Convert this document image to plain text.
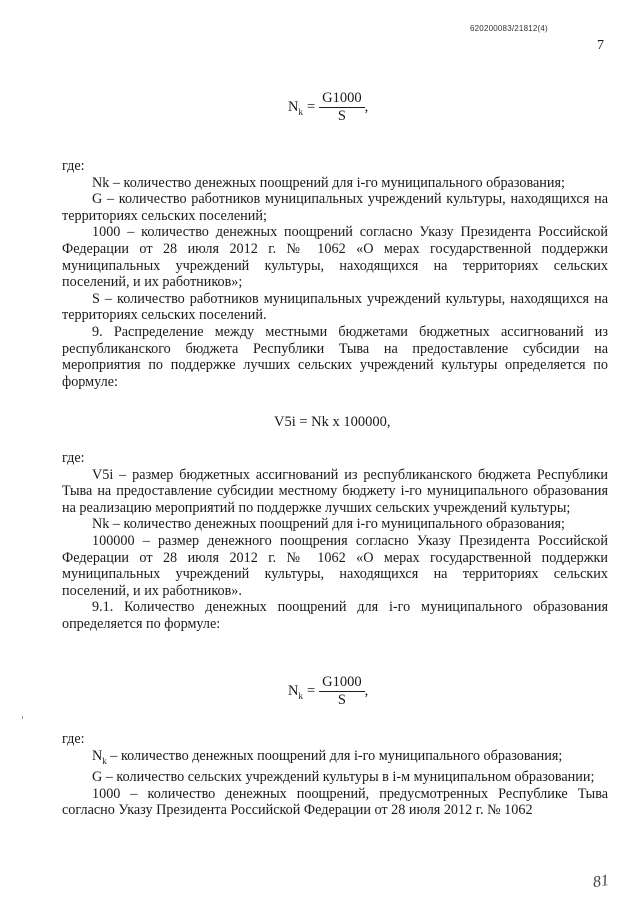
620200083/21812(4)
7
$N_k = \frac{G1000}{S}$ ,

где:

Nk – количество денежных поощрений для i-го муниципального образования;

G – количество работников муниципальных учреждений культуры, находящихся на территориях сельских поселений;

1000 – количество денежных поощрений согласно Указу Президента Российской Федерации от 28 июля 2012 г. № 1062 «О мерах государственной поддержки муниципальных учреждений культуры, находящихся на территориях сельских поселений, и их работников»;

S – количество работников муниципальных учреждений культуры, находящихся на территориях сельских поселений.

9. Распределение между местными бюджетами бюджетных ассигнований из республиканского бюджета Республики Тыва на предоставление субсидии на мероприятия по поддержке лучших сельских учреждений культуры определяется по формуле:

V5i = Nk x 100000,

где:

V5i – размер бюджетных ассигнований из республиканского бюджета Республики Тыва на предоставление субсидии местному бюджету i-го муниципального образования на реализацию мероприятий по поддержке лучших сельских учреждений культуры;

Nk – количество денежных поощрений для i-го муниципального образования;

100000 – размер денежного поощрения согласно Указу Президента Российской Федерации от 28 июля 2012 г. № 1062 «О мерах государственной поддержки муниципальных учреждений культуры, находящихся на территориях сельских поселений, и их работников».

9.1. Количество денежных поощрений для i-го муниципального образования определяется по формуле:

$N_k = \frac{G1000}{S}$ ,

где:

$N_k$ – количество денежных поощрений для i-го муниципального образования;

G – количество сельских учреждений культуры в i-м муниципальном образовании;

1000 – количество денежных поощрений, предусмотренных Республике Тыва согласно Указу Президента Российской Федерации от 28 июля 2012 г. № 1062

81
